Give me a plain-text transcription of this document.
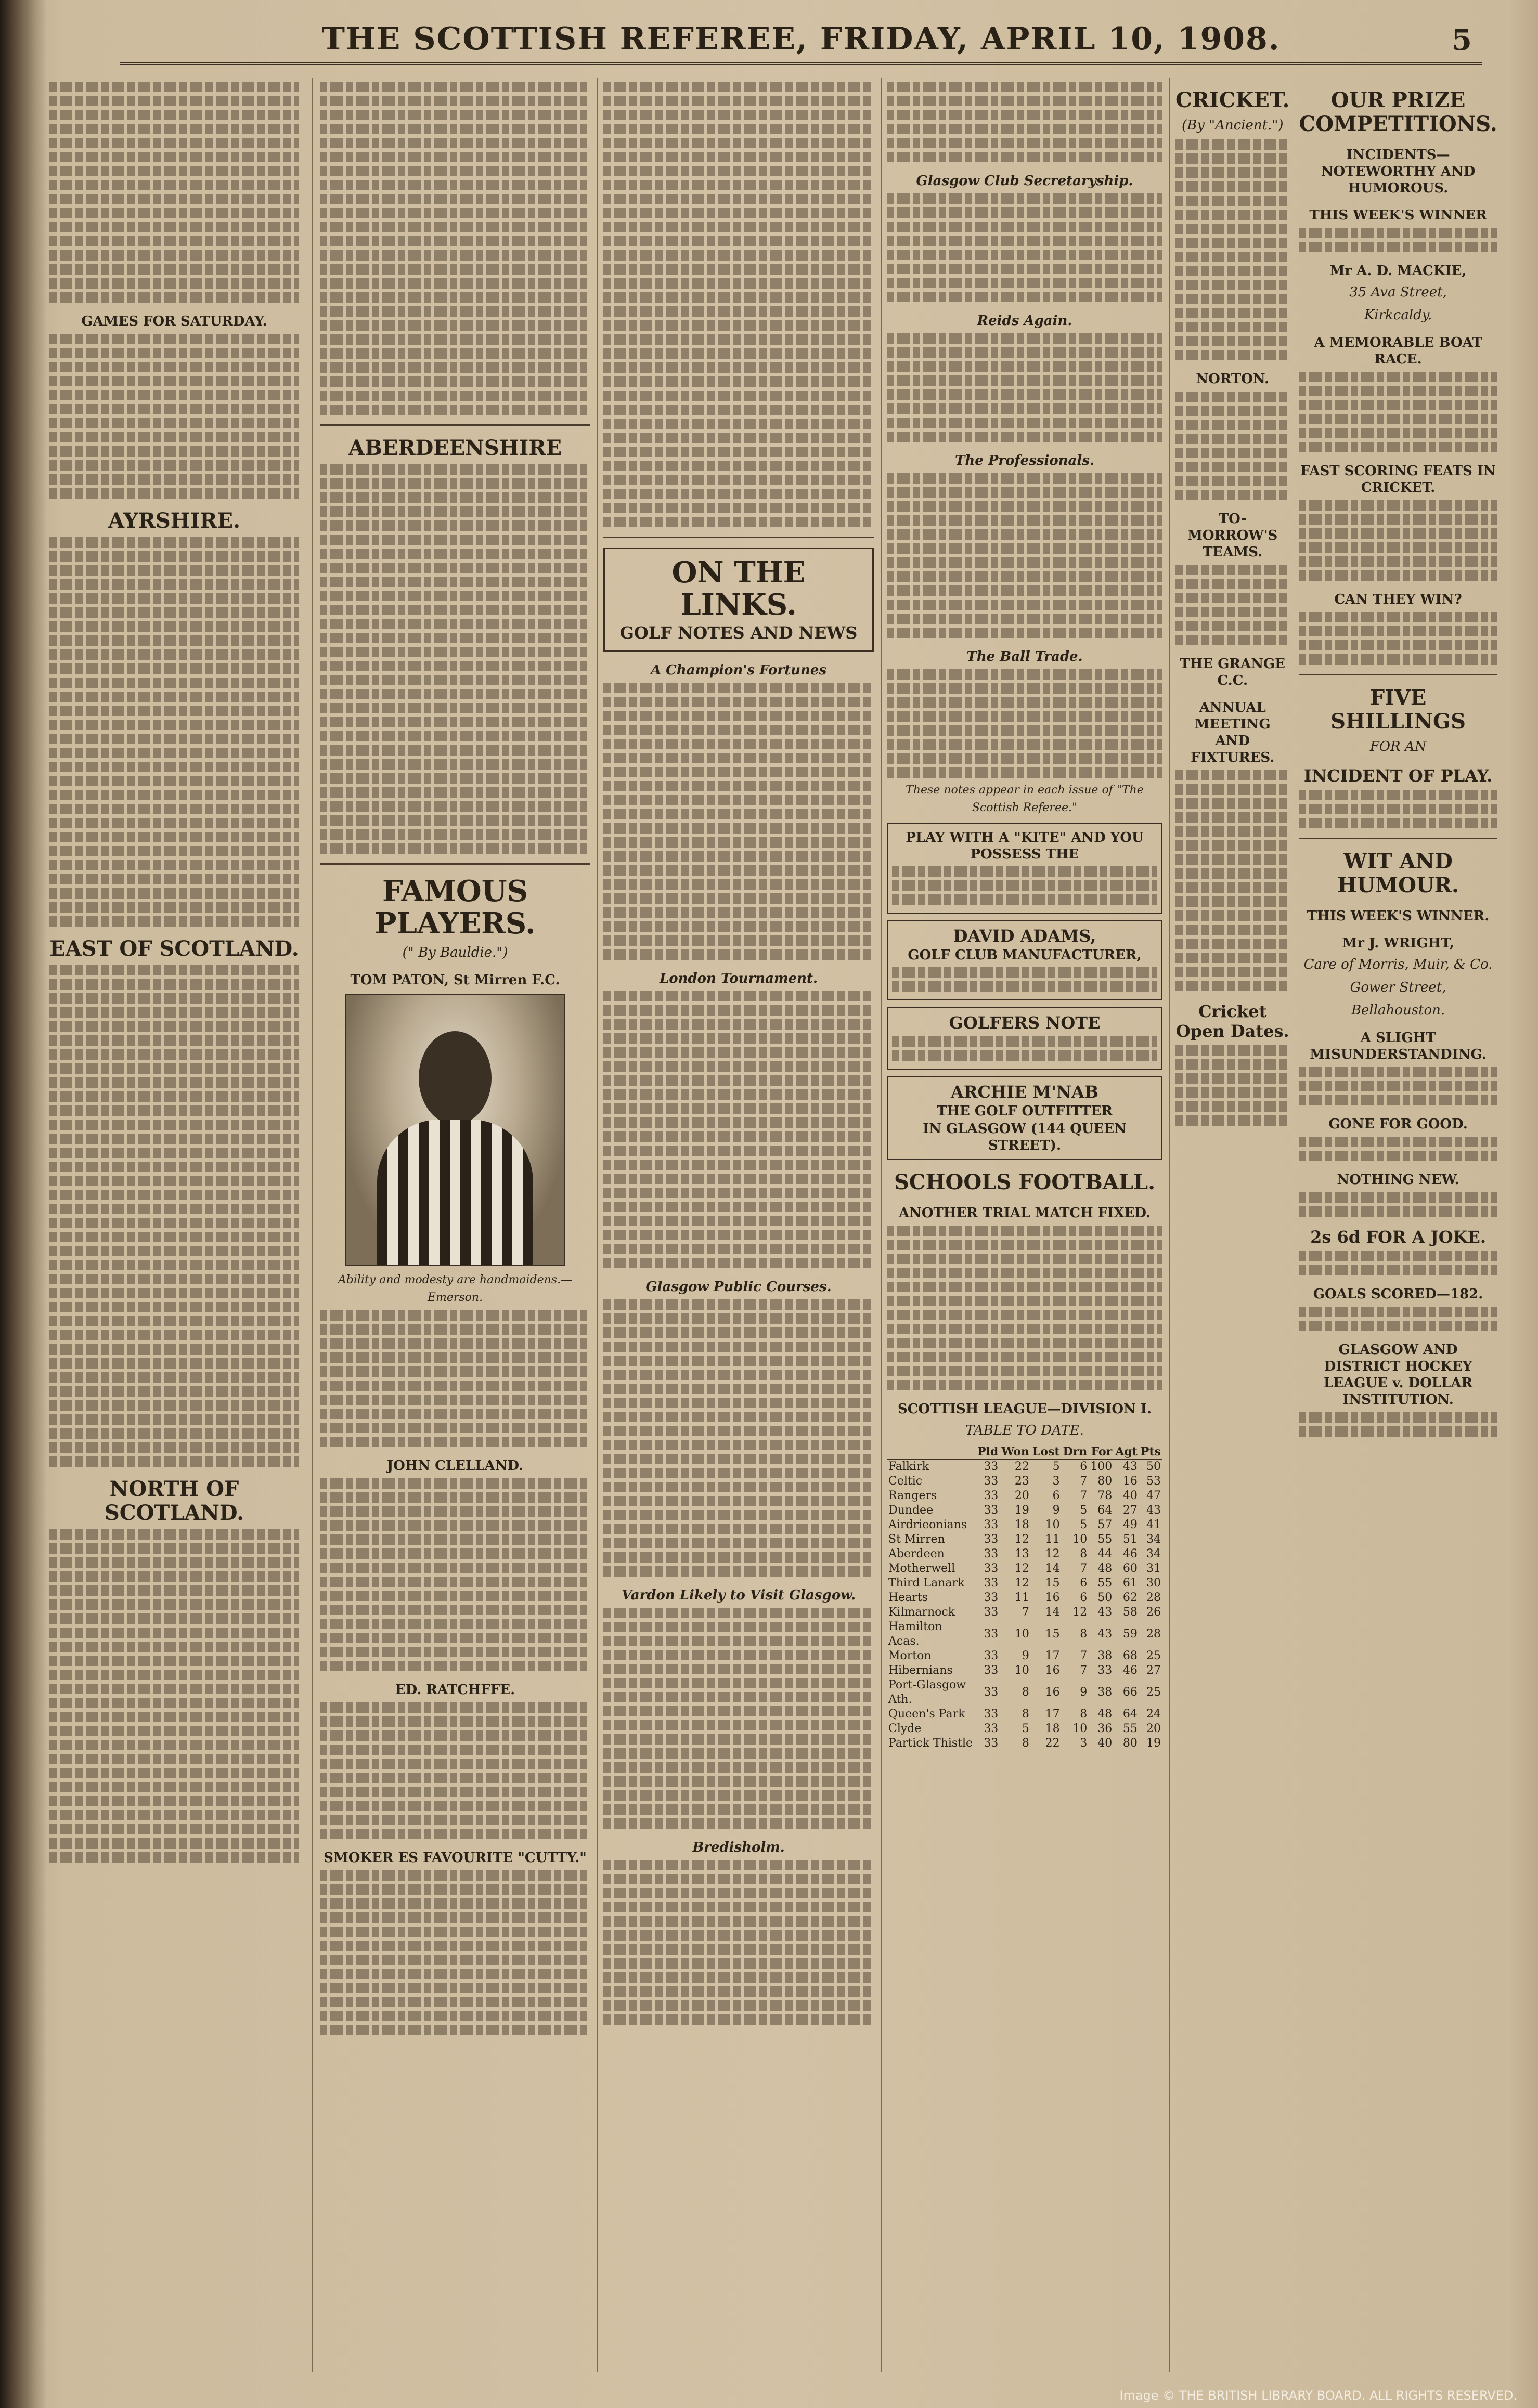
THE SCOTTISH REFEREE, FRIDAY, APRIL 10, 1908.	5
GAMES FOR SATURDAY.
AYRSHIRE.
EAST OF SCOTLAND.
NORTH OF SCOTLAND.
ABERDEENSHIRE
FAMOUS PLAYERS.
(" By Bauldie.")
TOM PATON, St Mirren F.C.
Ability and modesty are handmaidens.—Emerson.
JOHN CLELLAND.
ED. RATCHFFE.
SMOKER ES FAVOURITE "CUTTY."
ON THE LINKS.
GOLF NOTES AND NEWS
A Champion's Fortunes
London Tournament.
Glasgow Public Courses.
Vardon Likely to Visit Glasgow.
Bredisholm.
Glasgow Club Secretaryship.
Reids Again.
The Professionals.
The Ball Trade.
These notes appear in each issue of "The Scottish Referee."
PLAY WITH A "KITE" AND YOU POSSESS THE
DAVID ADAMS,
GOLF CLUB MANUFACTURER,
GOLFERS NOTE
ARCHIE M'NAB
THE GOLF OUTFITTER
IN GLASGOW (144 QUEEN STREET).
SCHOOLS FOOTBALL.
ANOTHER TRIAL MATCH FIXED.
SCOTTISH LEAGUE—DIVISION I.
TABLE TO DATE.
	Pld	Won	Lost	Drn	For	Agt	Pts
Falkirk	33	22	5	6	100	43	50
Celtic	33	23	3	7	80	16	53
Rangers	33	20	6	7	78	40	47
Dundee	33	19	9	5	64	27	43
Airdrieonians	33	18	10	5	57	49	41
St Mirren	33	12	11	10	55	51	34
Aberdeen	33	13	12	8	44	46	34
Motherwell	33	12	14	7	48	60	31
Third Lanark	33	12	15	6	55	61	30
Hearts	33	11	16	6	50	62	28
Kilmarnock	33	7	14	12	43	58	26
Hamilton Acas.	33	10	15	8	43	59	28
Morton	33	9	17	7	38	68	25
Hibernians	33	10	16	7	33	46	27
Port-Glasgow Ath.	33	8	16	9	38	66	25
Queen's Park	33	8	17	8	48	64	24
Clyde	33	5	18	10	36	55	20
Partick Thistle	33	8	22	3	40	80	19
CRICKET.
(By "Ancient.")
NORTON.
TO-MORROW'S TEAMS.
THE GRANGE C.C.
ANNUAL MEETING AND FIXTURES.
Cricket Open Dates.
OUR PRIZE COMPETITIONS.
INCIDENTS—NOTEWORTHY AND HUMOROUS.
THIS WEEK'S WINNER
Mr A. D. MACKIE,
35 Ava Street,
Kirkcaldy.
A MEMORABLE BOAT RACE.
FAST SCORING FEATS IN CRICKET.
CAN THEY WIN?
FIVE SHILLINGS
FOR AN
INCIDENT OF PLAY.
WIT AND HUMOUR.
THIS WEEK'S WINNER.
Mr J. WRIGHT,
Care of Morris, Muir, & Co.
Gower Street,
Bellahouston.
A SLIGHT MISUNDERSTANDING.
GONE FOR GOOD.
NOTHING NEW.
2s 6d FOR A JOKE.
GOALS SCORED—182.
GLASGOW AND DISTRICT HOCKEY LEAGUE v. DOLLAR INSTITUTION.
Image © THE BRITISH LIBRARY BOARD. ALL RIGHTS RESERVED.
